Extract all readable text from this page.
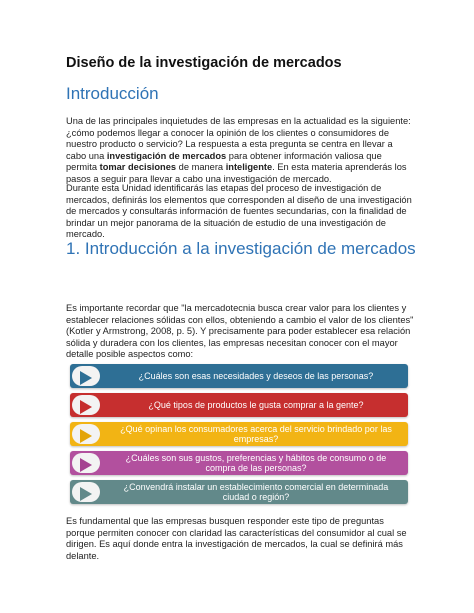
Diseño de la investigación de mercados
Introducción
Una de las principales inquietudes de las empresas en la actualidad es la siguiente: ¿cómo podemos llegar a conocer la opinión de los clientes o consumidores de nuestro producto o servicio? La respuesta a esta pregunta se centra en llevar a cabo una investigación de mercados para obtener información valiosa que permita tomar decisiones de manera inteligente. En esta materia aprenderás los pasos a seguir para llevar a cabo una investigación de mercado.
Durante esta Unidad identificarás las etapas del proceso de investigación de mercados, definirás los elementos que corresponden al diseño de una investigación de mercados y consultarás información de fuentes secundarias, con la finalidad de brindar un mejor panorama de la situación de estudio de una investigación de mercado.
1. Introducción a la investigación de mercados
Es importante recordar que "la mercadotecnia busca crear valor para los clientes y establecer relaciones sólidas con ellos, obteniendo a cambio el valor de los clientes" (Kotler y Armstrong, 2008, p. 5). Y precisamente para poder establecer esa relación sólida y duradera con los clientes, las empresas necesitan conocer con el mayor detalle posible aspectos como:
¿Cuáles son esas necesidades y deseos de las personas?
¿Qué tipos de productos le gusta comprar a la gente?
¿Qué opinan los consumadores acerca del servicio brindado por las empresas?
¿Cuáles son sus gustos, preferencias y hábitos de consumo o de compra de las personas?
¿Convendrá instalar un establecimiento comercial en determinada ciudad o región?
Es fundamental que las empresas busquen responder este tipo de preguntas porque permiten conocer con claridad las características del consumidor al cual se dirigen. Es aquí donde entra la investigación de mercados, la cual se definirá más delante.
